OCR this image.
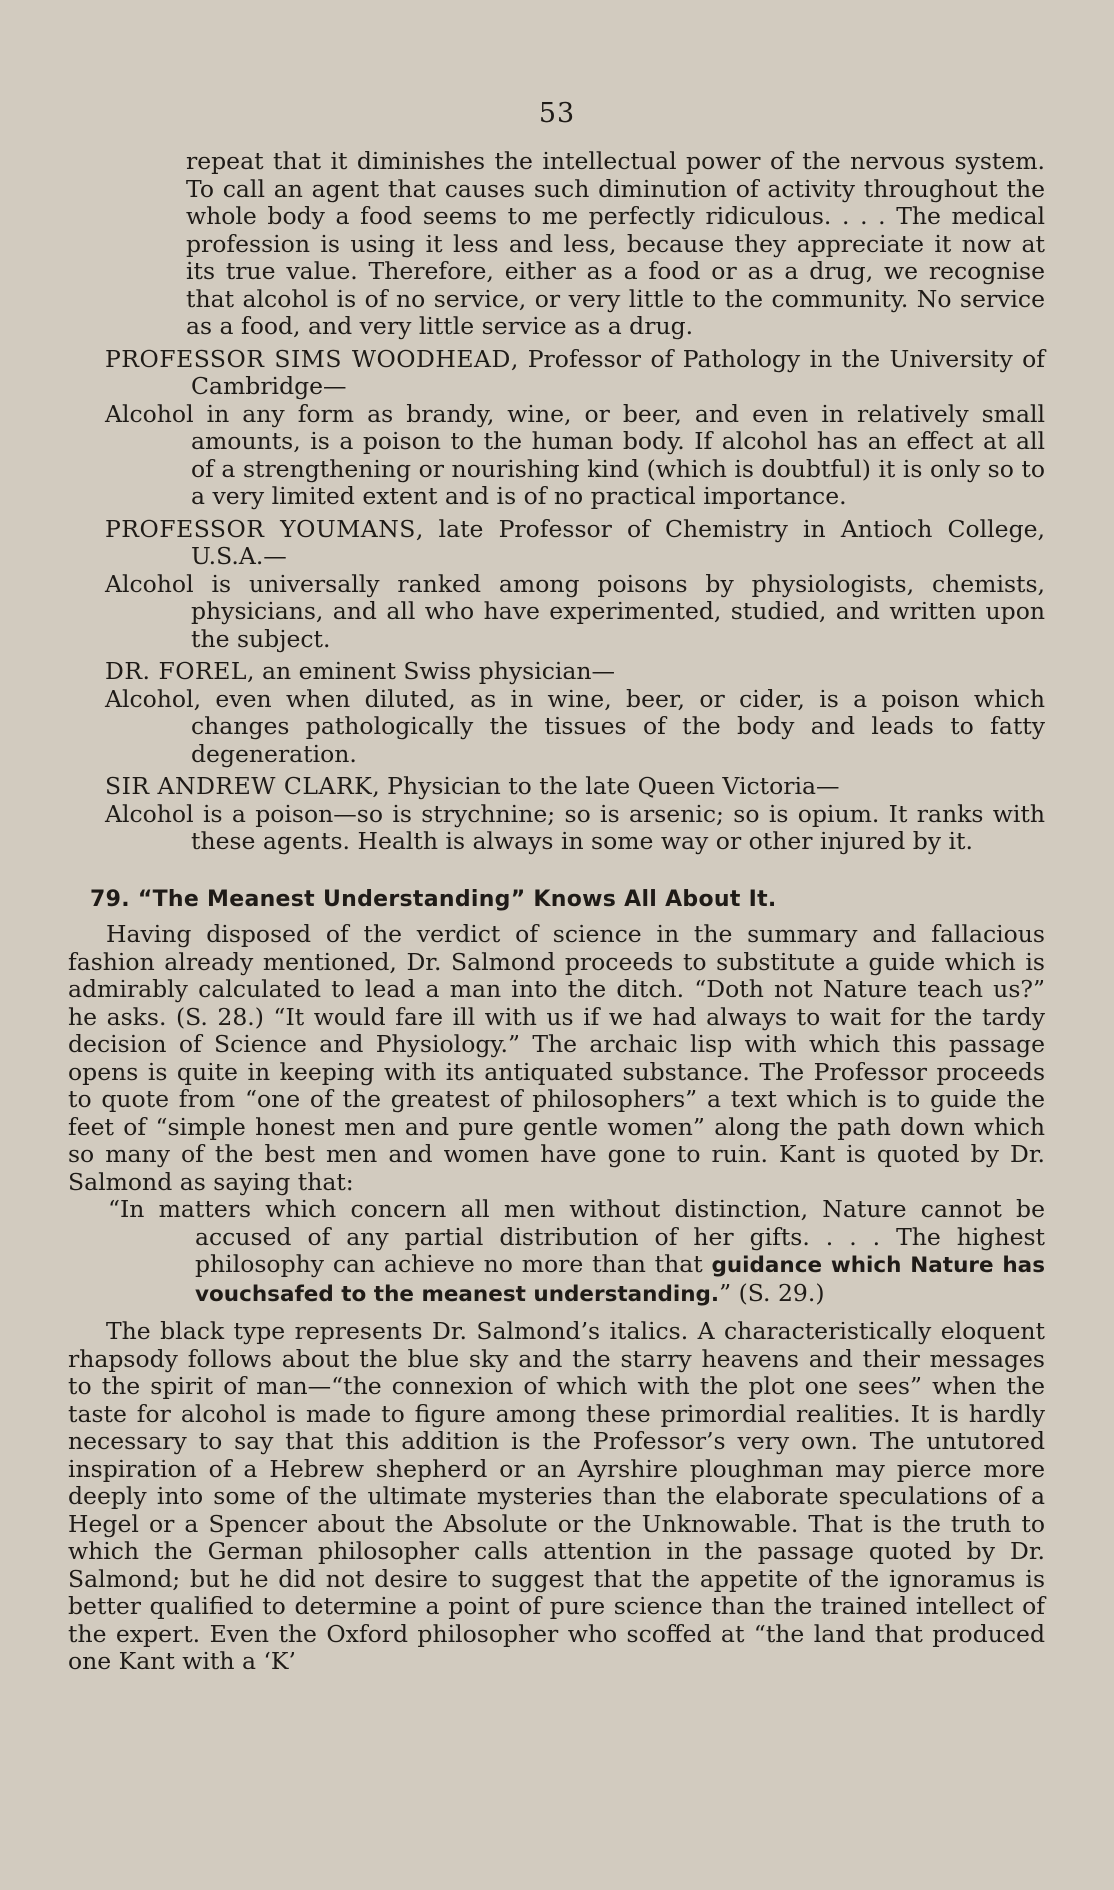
53

repeat that it diminishes the intellectual power of the nervous system. To call an agent that causes such diminution of activity throughout the whole body a food seems to me perfectly ridiculous. . . . The medical profession is using it less and less, because they appreciate it now at its true value. Therefore, either as a food or as a drug, we recognise that alcohol is of no service, or very little to the community. No service as a food, and very little service as a drug.

PROFESSOR SIMS WOODHEAD, Professor of Pathology in the University of Cambridge—

Alcohol in any form as brandy, wine, or beer, and even in relatively small amounts, is a poison to the human body. If alcohol has an effect at all of a strengthening or nourishing kind (which is doubtful) it is only so to a very limited extent and is of no practical importance.

PROFESSOR YOUMANS, late Professor of Chemistry in Antioch College, U.S.A.—

Alcohol is universally ranked among poisons by physiologists, chemists, physicians, and all who have experimented, studied, and written upon the subject.

DR. FOREL, an eminent Swiss physician—

Alcohol, even when diluted, as in wine, beer, or cider, is a poison which changes pathologically the tissues of the body and leads to fatty degeneration.

SIR ANDREW CLARK, Physician to the late Queen Victoria—

Alcohol is a poison—so is strychnine; so is arsenic; so is opium. It ranks with these agents. Health is always in some way or other injured by it.

79. “The Meanest Understanding” Knows All About It.

Having disposed of the verdict of science in the summary and fallacious fashion already mentioned, Dr. Salmond proceeds to substitute a guide which is admirably calculated to lead a man into the ditch. “Doth not Nature teach us?” he asks. (S. 28.) “It would fare ill with us if we had always to wait for the tardy decision of Science and Physiology.” The archaic lisp with which this passage opens is quite in keeping with its antiquated substance. The Professor proceeds to quote from “one of the greatest of philosophers” a text which is to guide the feet of “simple honest men and pure gentle women” along the path down which so many of the best men and women have gone to ruin. Kant is quoted by Dr. Salmond as saying that:

“In matters which concern all men without distinction, Nature cannot be accused of any partial distribution of her gifts. . . . The highest philosophy can achieve no more than that guidance which Nature has vouchsafed to the meanest understanding.” (S. 29.)

The black type represents Dr. Salmond’s italics. A characteristically eloquent rhapsody follows about the blue sky and the starry heavens and their messages to the spirit of man—“the connexion of which with the plot one sees” when the taste for alcohol is made to figure among these primordial realities. It is hardly necessary to say that this addition is the Professor’s very own. The untutored inspiration of a Hebrew shepherd or an Ayrshire ploughman may pierce more deeply into some of the ultimate mysteries than the elaborate speculations of a Hegel or a Spencer about the Absolute or the Unknowable. That is the truth to which the German philosopher calls attention in the passage quoted by Dr. Salmond; but he did not desire to suggest that the appetite of the ignoramus is better qualified to determine a point of pure science than the trained intellect of the expert. Even the Oxford philosopher who scoffed at “the land that produced one Kant with a ‘K’
